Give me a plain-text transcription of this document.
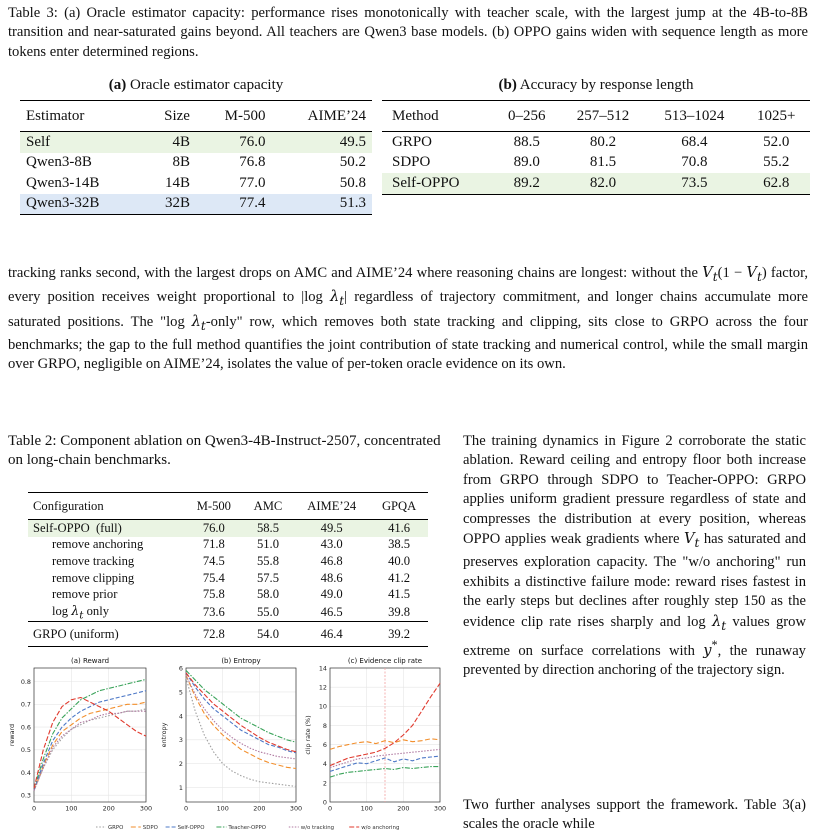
Table 3: (a) Oracle estimator capacity: performance rises monotonically with teacher scale, with the largest jump at the 4B-to-8B transition and near-saturated gains beyond. All teachers are Qwen3 base models. (b) OPPO gains widen with sequence length as more tokens enter determined regions.
(a) Oracle estimator capacity
Estimator	Size	M-500	AIME’24
Self	4B	76.0	49.5
Qwen3-8B	8B	76.8	50.2
Qwen3-14B	14B	77.0	50.8
Qwen3-32B	32B	77.4	51.3
(b) Accuracy by response length
Method	0–256	257–512	513–1024	1025+
GRPO	88.5	80.2	68.4	52.0
SDPO	89.0	81.5	70.8	55.2
Self-OPPO	89.2	82.0	73.5	62.8
tracking ranks second, with the largest drops on AMC and AIME’24 where reasoning chains are longest: without the $V_t(1 - V_t)$ factor, every position receives weight proportional to |log $\lambda_t|$ regardless of trajectory commitment, and longer chains accumulate more saturated positions. The "log $\lambda_t$-only" row, which removes both state tracking and clipping, sits close to GRPO across the four benchmarks; the gap to the full method quantifies the joint contribution of state tracking and numerical control, while the small margin over GRPO, negligible on AIME’24, isolates the value of per-token oracle evidence on its own.
Table 2: Component ablation on Qwen3-4B-Instruct-2507, concentrated on long-chain benchmarks.
Configuration	M-500	AMC	AIME’24	GPQA
Self-OPPO  (full)	76.0	58.5	49.5	41.6
remove anchoring	71.8	51.0	43.0	38.5
remove tracking	74.5	55.8	46.8	40.0
remove clipping	75.4	57.5	48.6	41.2
remove prior	75.8	58.0	49.0	41.5
$\log \lambda_t$ only	73.6	55.0	46.5	39.8
GRPO (uniform)	72.8	54.0	46.4	39.2
0.3
0.4
0.5
0.6
0.7
0.8
0	100	200	300
(a) Reward
reward
1
2
3
4
5
6
0	100	200	300
(b) Entropy
entropy
0
2
4
6
8
10
12
14
0	100	200	300
(c) Evidence clip rate
clip rate (%)
GRPO	SDPO	Self-OPPO	Teacher-OPPO	w/o tracking	w/o anchoring
The training dynamics in Figure 2 corroborate the static ablation. Reward ceiling and entropy floor both increase from GRPO through SDPO to Teacher-OPPO: GRPO applies uniform gradient pressure regardless of state and compresses the distribution at every position, whereas OPPO applies weak gradients where $V_t$ has saturated and preserves exploration capacity. The "w/o anchoring" run exhibits a distinctive failure mode: reward rises fastest in the early steps but declines after roughly step 150 as the evidence clip rate rises sharply and $\log \lambda_t$ values grow extreme on surface correlations with y*, the runaway prevented by direction anchoring of the trajectory sign.
Two further analyses support the framework. Table 3(a) scales the oracle while
